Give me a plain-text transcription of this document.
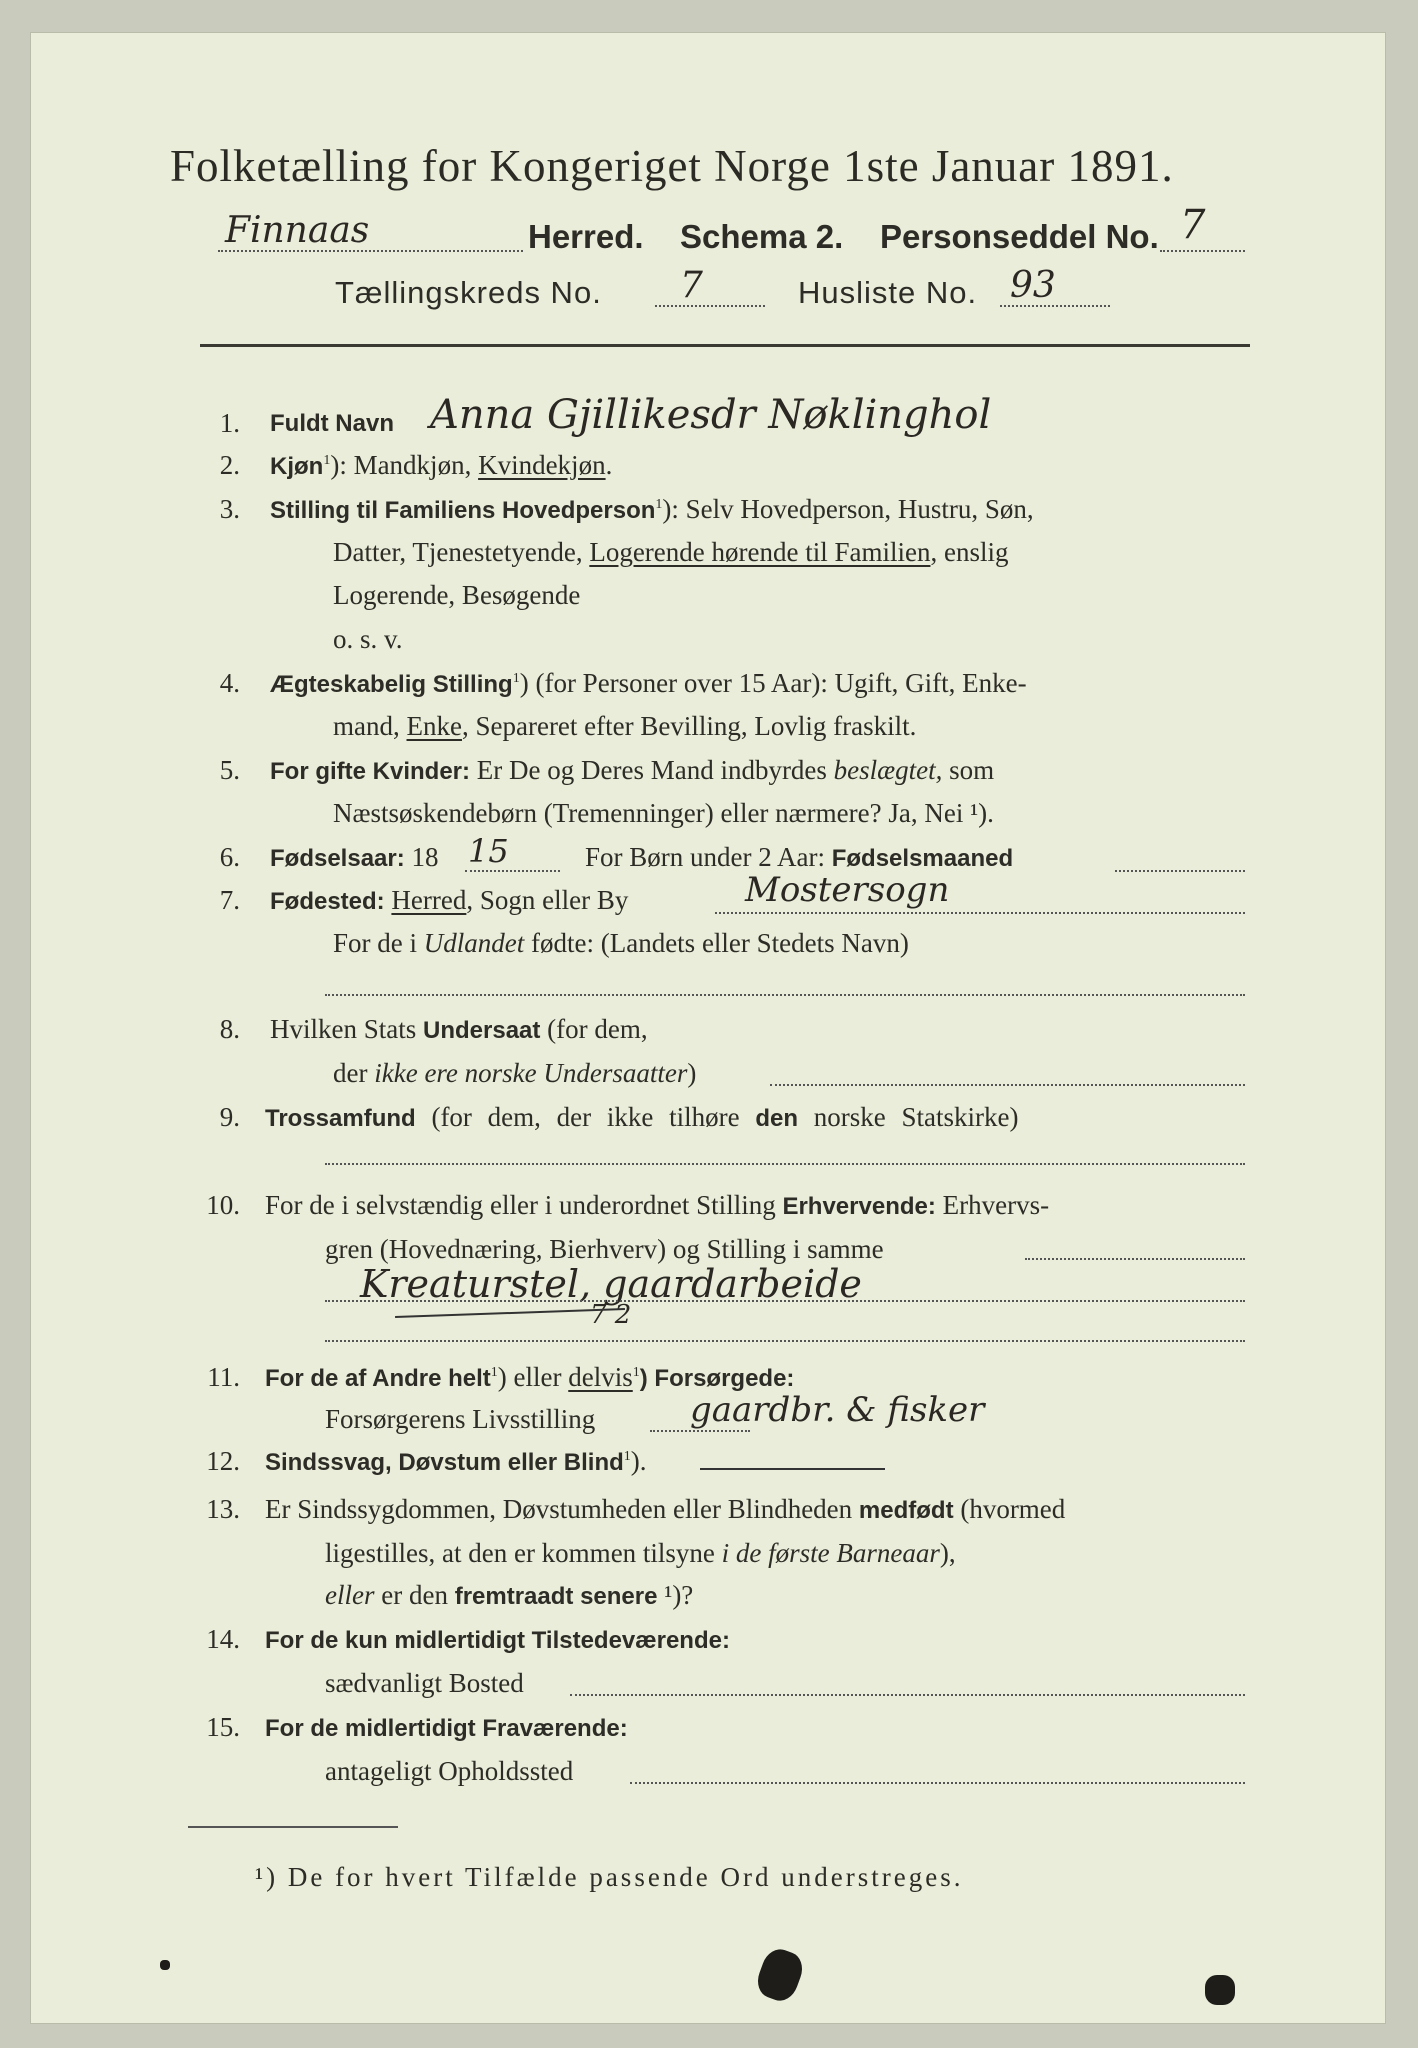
Folketælling for Kongeriget Norge 1ste Januar 1891.
Finnaas	Herred. Schema 2. Personseddel No. 7
Tællingskreds No. 7	Husliste No. 93
1. Fuldt Navn Anna Gjillikesdr Nøklinghol
2. Kjøn$^1$): Mandkjøn, Kvindekjøn.
3. Stilling til Familiens Hovedperson$^1$): Selv Hovedperson, Hustru, Søn,
Datter, Tjenestetyende, Logerende hørende til Familien, enslig
Logerende, Besøgende
o. s. v.
4. Ægteskabelig Stilling$^1$) (for Personer over 15 Aar): Ugift, Gift, Enke-
mand, Enke, Separeret efter Bevilling, Lovlig fraskilt.
5. For gifte Kvinder: Er De og Deres Mand indbyrdes beslægtet, som
Næstsøskendebørn (Tremenninger) eller nærmere? Ja, Nei ¹).
6. Fødselsaar: 18 15	For Børn under 2 Aar: Fødselsmaaned
7. Fødested: Herred, Sogn eller By	Mostersogn
For de i Udlandet fødte: (Landets eller Stedets Navn)
8. Hvilken Stats Undersaat (for dem,
der ikke ere norske Undersaatter)
9. Trossamfund (for dem, der ikke tilhøre den norske Statskirke)
10. For de i selvstændig eller i underordnet Stilling Erhvervende: Erhvervs-
gren (Hovednæring, Bierhverv) og Stilling i samme
Kreaturstel, gaardarbeide
7 2
11. For de af Andre helt$^1$) eller delvis$^1$) Forsørgede:
Forsørgerens Livsstilling	gaardbr. & fisker
12. Sindssvag, Døvstum eller Blind$^1$).
13. Er Sindssygdommen, Døvstumheden eller Blindheden medfødt (hvormed
ligestilles, at den er kommen tilsyne i de første Barneaar),
eller er den fremtraadt senere ¹)?
14. For de kun midlertidigt Tilstedeværende:
sædvanligt Bosted
15. For de midlertidigt Fraværende:
antageligt Opholdssted
¹) De for hvert Tilfælde passende Ord understreges.
